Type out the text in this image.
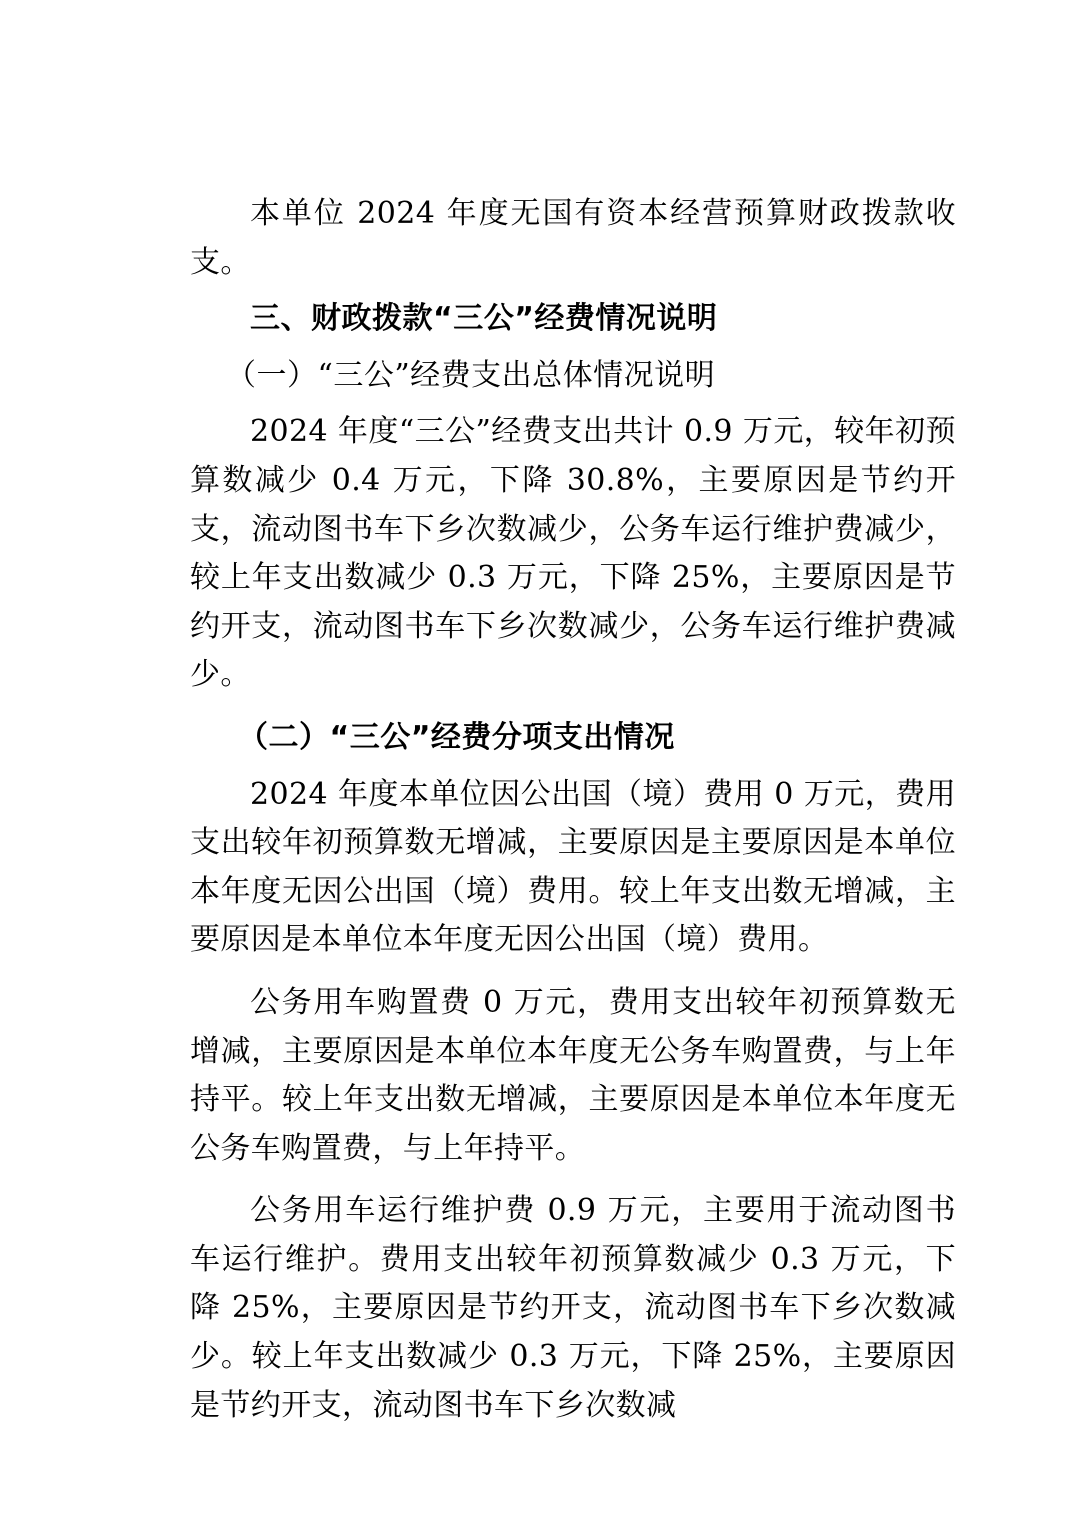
本单位 2024 年度无国有资本经营预算财政拨款收支。

三、财政拨款“三公”经费情况说明

（一）“三公”经费支出总体情况说明

2024 年度“三公”经费支出共计 0.9 万元，较年初预算数减少 0.4 万元，下降 30.8%，主要原因是节约开支，流动图书车下乡次数减少，公务车运行维护费减少，较上年支出数减少 0.3 万元，下降 25%，主要原因是节约开支，流动图书车下乡次数减少，公务车运行维护费减少。

（二）“三公”经费分项支出情况

2024 年度本单位因公出国（境）费用 0 万元，费用支出较年初预算数无增减，主要原因是主要原因是本单位本年度无因公出国（境）费用。较上年支出数无增减，主要原因是本单位本年度无因公出国（境）费用。

公务用车购置费 0 万元，费用支出较年初预算数无增减，主要原因是本单位本年度无公务车购置费，与上年持平。较上年支出数无增减，主要原因是本单位本年度无公务车购置费，与上年持平。

公务用车运行维护费 0.9 万元，主要用于流动图书车运行维护。费用支出较年初预算数减少 0.3 万元，下降 25%，主要原因是节约开支，流动图书车下乡次数减少。较上年支出数减少 0.3 万元，下降 25%，主要原因是节约开支，流动图书车下乡次数减
